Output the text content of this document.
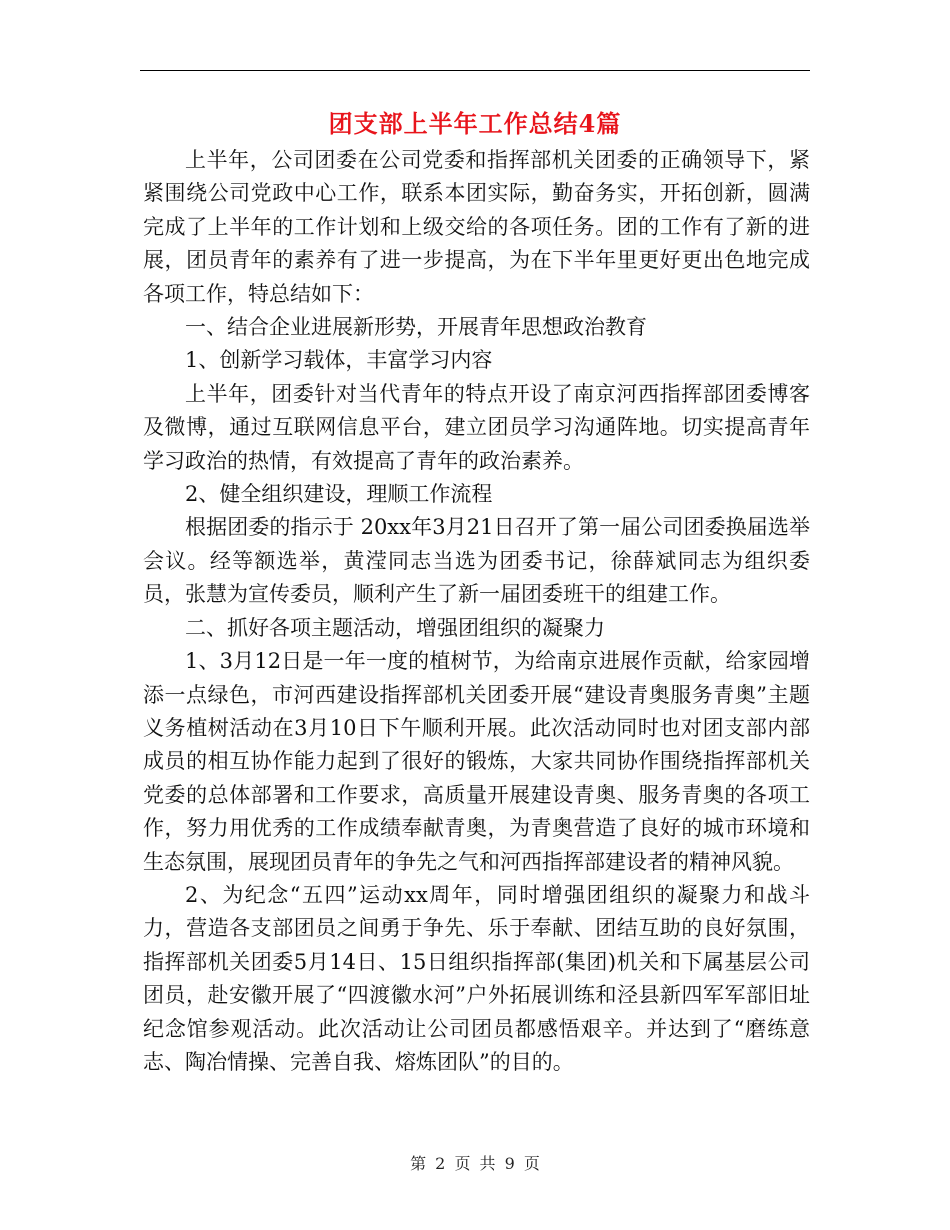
团支部上半年工作总结4篇

上半年，公司团委在公司党委和指挥部机关团委的正确领导下，紧紧围绕公司党政中心工作，联系本团实际，勤奋务实，开拓创新，圆满完成了上半年的工作计划和上级交给的各项任务。团的工作有了新的进展，团员青年的素养有了进一步提高，为在下半年里更好更出色地完成各项工作，特总结如下：

一、结合企业进展新形势，开展青年思想政治教育

1、创新学习载体，丰富学习内容

上半年，团委针对当代青年的特点开设了南京河西指挥部团委博客及微博，通过互联网信息平台，建立团员学习沟通阵地。切实提高青年学习政治的热情，有效提高了青年的政治素养。

2、健全组织建设，理顺工作流程

根据团委的指示于 20xx年3月21日召开了第一届公司团委换届选举会议。经等额选举，黄滢同志当选为团委书记，徐薛斌同志为组织委员，张慧为宣传委员，顺利产生了新一届团委班干的组建工作。

二、抓好各项主题活动，增强团组织的凝聚力

1、3月12日是一年一度的植树节，为给南京进展作贡献，给家园增添一点绿色，市河西建设指挥部机关团委开展“建设青奥服务青奥”主题义务植树活动在3月10日下午顺利开展。此次活动同时也对团支部内部成员的相互协作能力起到了很好的锻炼，大家共同协作围绕指挥部机关党委的总体部署和工作要求，高质量开展建设青奥、服务青奥的各项工作，努力用优秀的工作成绩奉献青奥，为青奥营造了良好的城市环境和生态氛围，展现团员青年的争先之气和河西指挥部建设者的精神风貌。

2、为纪念“五四”运动xx周年，同时增强团组织的凝聚力和战斗力，营造各支部团员之间勇于争先、乐于奉献、团结互助的良好氛围，指挥部机关团委5月14日、15日组织指挥部(集团)机关和下属基层公司团员，赴安徽开展了“四渡徽水河”户外拓展训练和泾县新四军军部旧址纪念馆参观活动。此次活动让公司团员都感悟艰辛。并达到了“磨练意志、陶冶情操、完善自我、熔炼团队”的目的。

第 2 页 共 9 页
